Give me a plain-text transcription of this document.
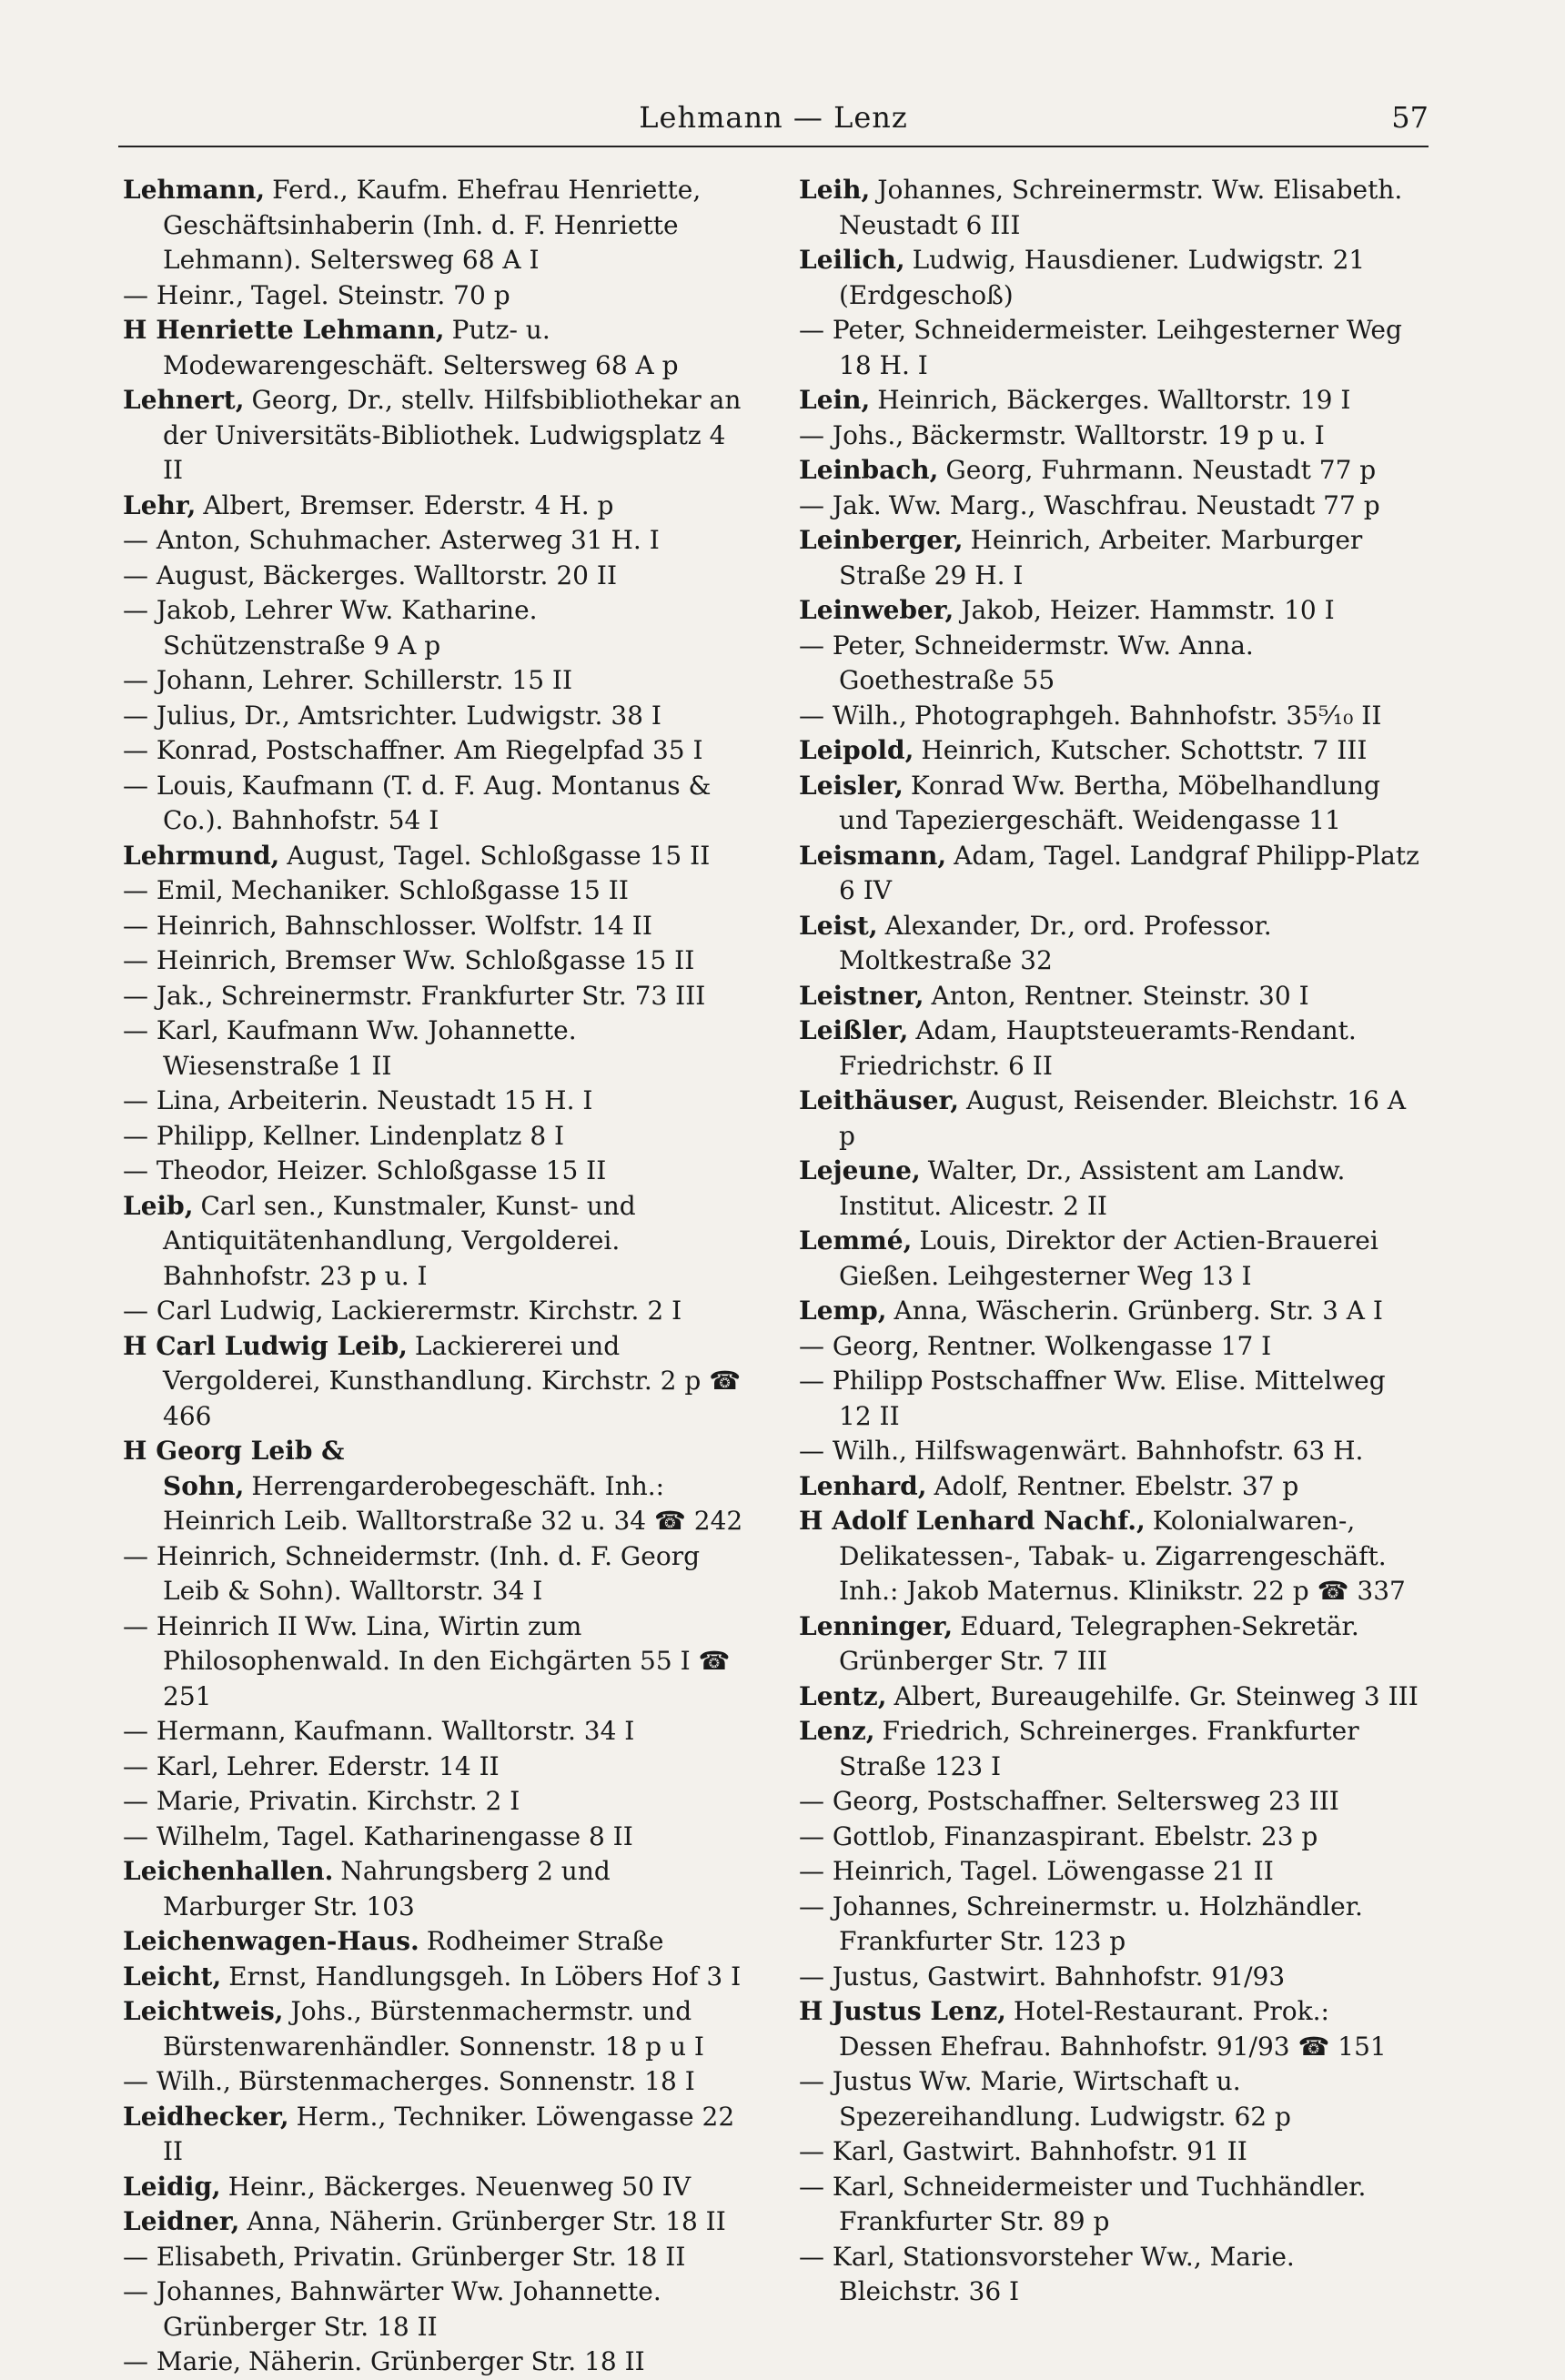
Lehmann — Lenz	57

Lehmann, Ferd., Kaufm. Ehefrau Henriette, Geschäftsinhaberin (Inh. d. F. Henriette Lehmann). Seltersweg 68 A I

— Heinr., Tagel. Steinstr. 70 p

H Henriette Lehmann, Putz- u. Modewarengeschäft. Seltersweg 68 A p

Lehnert, Georg, Dr., stellv. Hilfsbibliothekar an der Universitäts-Bibliothek. Ludwigsplatz 4 II

Lehr, Albert, Bremser. Ederstr. 4 H. p

— Anton, Schuhmacher. Asterweg 31 H. I

— August, Bäckerges. Walltorstr. 20 II

— Jakob, Lehrer Ww. Katharine. Schützenstraße 9 A p

— Johann, Lehrer. Schillerstr. 15 II

— Julius, Dr., Amtsrichter. Ludwigstr. 38 I

— Konrad, Postschaffner. Am Riegelpfad 35 I

— Louis, Kaufmann (T. d. F. Aug. Montanus & Co.). Bahnhofstr. 54 I

Lehrmund, August, Tagel. Schloßgasse 15 II

— Emil, Mechaniker. Schloßgasse 15 II

— Heinrich, Bahnschlosser. Wolfstr. 14 II

— Heinrich, Bremser Ww. Schloßgasse 15 II

— Jak., Schreinermstr. Frankfurter Str. 73 III

— Karl, Kaufmann Ww. Johannette. Wiesenstraße 1 II

— Lina, Arbeiterin. Neustadt 15 H. I

— Philipp, Kellner. Lindenplatz 8 I

— Theodor, Heizer. Schloßgasse 15 II

Leib, Carl sen., Kunstmaler, Kunst- und Antiquitätenhandlung, Vergolderei. Bahnhofstr. 23 p u. I

— Carl Ludwig, Lackierermstr. Kirchstr. 2 I

H Carl Ludwig Leib, Lackiererei und Vergolderei, Kunsthandlung. Kirchstr. 2 p ☎ 466

H Georg Leib & Sohn, Herrengarderobegeschäft. Inh.: Heinrich Leib. Walltorstraße 32 u. 34 ☎ 242

— Heinrich, Schneidermstr. (Inh. d. F. Georg Leib & Sohn). Walltorstr. 34 I

— Heinrich II Ww. Lina, Wirtin zum Philosophenwald. In den Eichgärten 55 I ☎ 251

— Hermann, Kaufmann. Walltorstr. 34 I

— Karl, Lehrer. Ederstr. 14 II

— Marie, Privatin. Kirchstr. 2 I

— Wilhelm, Tagel. Katharinengasse 8 II

Leichenhallen. Nahrungsberg 2 und Marburger Str. 103

Leichenwagen-Haus. Rodheimer Straße

Leicht, Ernst, Handlungsgeh. In Löbers Hof 3 I

Leichtweis, Johs., Bürstenmachermstr. und Bürstenwarenhändler. Sonnenstr. 18 p u I

— Wilh., Bürstenmacherges. Sonnenstr. 18 I

Leidhecker, Herm., Techniker. Löwengasse 22 II

Leidig, Heinr., Bäckerges. Neuenweg 50 IV

Leidner, Anna, Näherin. Grünberger Str. 18 II

— Elisabeth, Privatin. Grünberger Str. 18 II

— Johannes, Bahnwärter Ww. Johannette. Grünberger Str. 18 II

— Marie, Näherin. Grünberger Str. 18 II

Leih, Johannes, Schreinermstr. Ww. Elisabeth. Neustadt 6 III

Leilich, Ludwig, Hausdiener. Ludwigstr. 21 (Erdgeschoß)

— Peter, Schneidermeister. Leihgesterner Weg 18 H. I

Lein, Heinrich, Bäckerges. Walltorstr. 19 I

— Johs., Bäckermstr. Walltorstr. 19 p u. I

Leinbach, Georg, Fuhrmann. Neustadt 77 p

— Jak. Ww. Marg., Waschfrau. Neustadt 77 p

Leinberger, Heinrich, Arbeiter. Marburger Straße 29 H. I

Leinweber, Jakob, Heizer. Hammstr. 10 I

— Peter, Schneidermstr. Ww. Anna. Goethestraße 55

— Wilh., Photographgeh. Bahnhofstr. 35⁵⁄₁₀ II

Leipold, Heinrich, Kutscher. Schottstr. 7 III

Leisler, Konrad Ww. Bertha, Möbelhandlung und Tapeziergeschäft. Weidengasse 11

Leismann, Adam, Tagel. Landgraf Philipp-Platz 6 IV

Leist, Alexander, Dr., ord. Professor. Moltkestraße 32

Leistner, Anton, Rentner. Steinstr. 30 I

Leißler, Adam, Hauptsteueramts-Rendant. Friedrichstr. 6 II

Leithäuser, August, Reisender. Bleichstr. 16 A p

Lejeune, Walter, Dr., Assistent am Landw. Institut. Alicestr. 2 II

Lemmé, Louis, Direktor der Actien-Brauerei Gießen. Leihgesterner Weg 13 I

Lemp, Anna, Wäscherin. Grünberg. Str. 3 A I

— Georg, Rentner. Wolkengasse 17 I

— Philipp Postschaffner Ww. Elise. Mittelweg 12 II

— Wilh., Hilfswagenwärt. Bahnhofstr. 63 H.

Lenhard, Adolf, Rentner. Ebelstr. 37 p

H Adolf Lenhard Nachf., Kolonialwaren-, Delikatessen-, Tabak- u. Zigarrengeschäft. Inh.: Jakob Maternus. Klinikstr. 22 p ☎ 337

Lenninger, Eduard, Telegraphen-Sekretär. Grünberger Str. 7 III

Lentz, Albert, Bureaugehilfe. Gr. Steinweg 3 III

Lenz, Friedrich, Schreinerges. Frankfurter Straße 123 I

— Georg, Postschaffner. Seltersweg 23 III

— Gottlob, Finanzaspirant. Ebelstr. 23 p

— Heinrich, Tagel. Löwengasse 21 II

— Johannes, Schreinermstr. u. Holzhändler. Frankfurter Str. 123 p

— Justus, Gastwirt. Bahnhofstr. 91/93

H Justus Lenz, Hotel-Restaurant. Prok.: Dessen Ehefrau. Bahnhofstr. 91/93 ☎ 151

— Justus Ww. Marie, Wirtschaft u. Spezereihandlung. Ludwigstr. 62 p

— Karl, Gastwirt. Bahnhofstr. 91 II

— Karl, Schneidermeister und Tuchhändler. Frankfurter Str. 89 p

— Karl, Stationsvorsteher Ww., Marie. Bleichstr. 36 I
